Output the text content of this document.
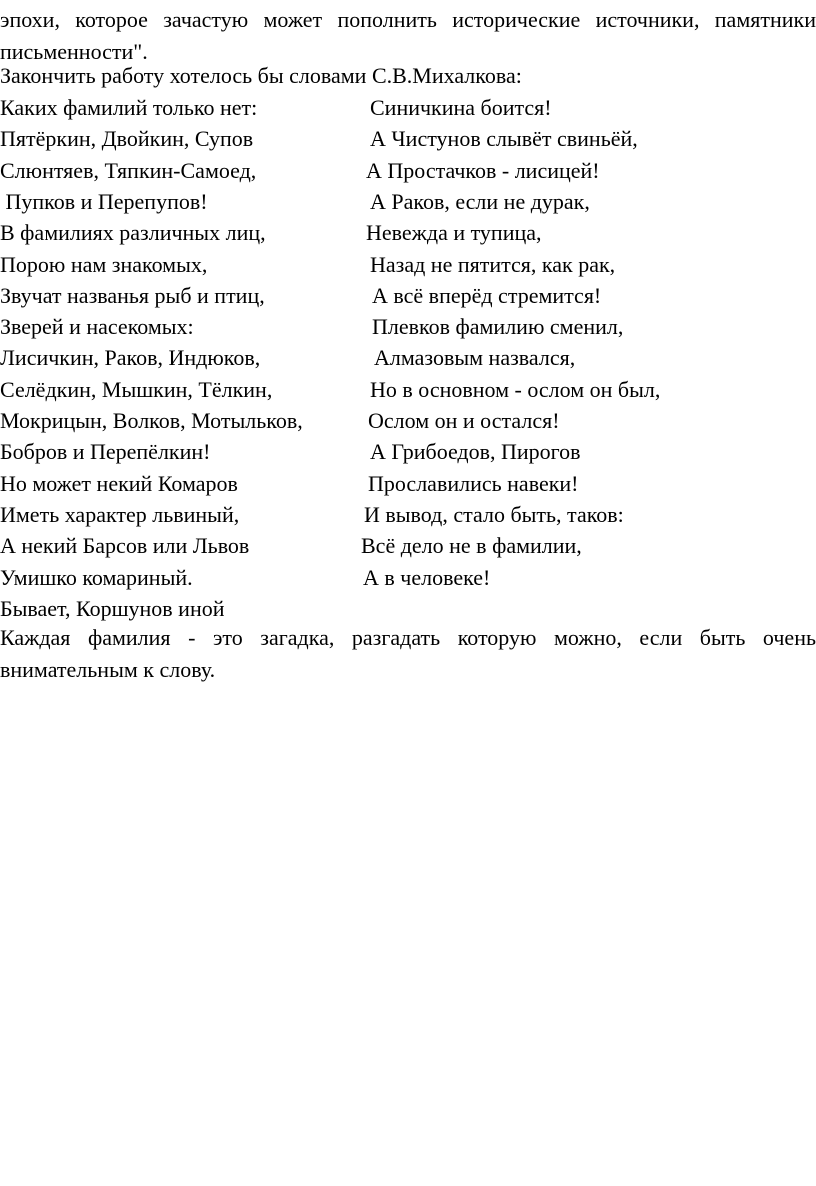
эпохи, которое зачастую может пополнить исторические источники, памятники письменности".

Закончить работу хотелось бы словами С.В.Михалкова:

Каких фамилий только нет:	Синичкина боится!
Пятёркин, Двойкин, Супов	А Чистунов слывёт свиньёй,
Слюнтяев, Тяпкин-Самоед,	А Простачков - лисицей!
Пупков и Перепупов!	А Раков, если не дурак,
В фамилиях различных лиц,	Невежда и тупица,
Порою нам знакомых,	Назад не пятится, как рак,
Звучат названья рыб и птиц,	А всё вперёд стремится!
Зверей и насекомых:	Плевков фамилию сменил,
Лисичкин, Раков, Индюков,	Алмазовым назвался,
Селёдкин, Мышкин, Тёлкин,	Но в основном - ослом он был,
Мокрицын, Волков, Мотыльков,	Ослом он и остался!
Бобров и Перепёлкин!	А Грибоедов, Пирогов
Но может некий Комаров	Прославились навеки!
Иметь характер львиный,	И вывод, стало быть, таков:
А некий Барсов или Львов	Всё дело не в фамилии,
Умишко комариный.	А в человеке!
Бывает, Коршунов иной

Каждая фамилия - это загадка, разгадать которую можно, если быть очень внимательным к слову.
